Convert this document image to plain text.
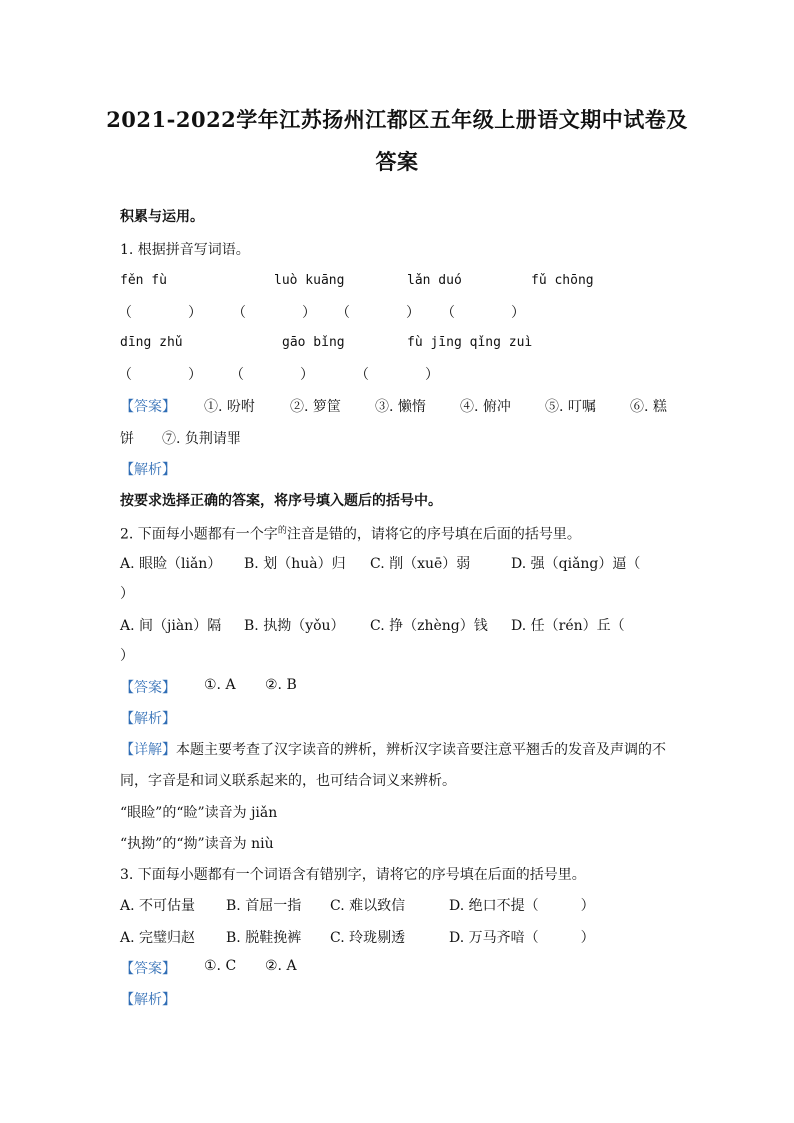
2021-2022学年江苏扬州江都区五年级上册语文期中试卷及
答案
积累与运用。
1. 根据拼音写词语。
fěn fù	luò kuāng	lǎn duó	fǔ chōng
（　　　　） （　　　　） （　　　　） （　　　　）
dīng zhǔ	gāo bǐng	fù jīng qǐng zuì
（　　　　） （　　　　）	（　　　　）
【答案】 ①. 吩咐	②. 箩筐 ③. 懒惰 ④. 俯冲 ⑤. 叮嘱 ⑥. 糕
饼 ⑦. 负荆请罪
【解析】
按要求选择正确的答案，将序号填入题后的括号中。
2. 下面每小题都有一个字$^的$注音是错的，请将它的序号填在后面的括号里。
A. 眼睑（liǎn） B. 划（huà）归 C. 削（xuē）弱	D. 强（qiǎng）逼（
）
A. 间（jiàn）隔 B. 执拗（yǒu） C. 挣（zhèng）钱 D. 任（rén）丘（
）
【答案】 ①. A ②. B
【解析】
【详解】本题主要考查了汉字读音的辨析，辨析汉字读音要注意平翘舌的发音及声调的不
同，字音是和词义联系起来的，也可结合词义来辨析。
“眼睑”的“睑”读音为 jiǎn
“执拗”的“拗”读音为 niù
3. 下面每小题都有一个词语含有错别字，请将它的序号填在后面的括号里。
A. 不可估量 B. 首屈一指 C. 难以致信	D. 绝口不提（　　　）
A. 完璧归赵 B. 脱鞋挽裤 C. 玲珑剔透	D. 万马齐喑（　　　）
【答案】 ①. C ②. A
【解析】
